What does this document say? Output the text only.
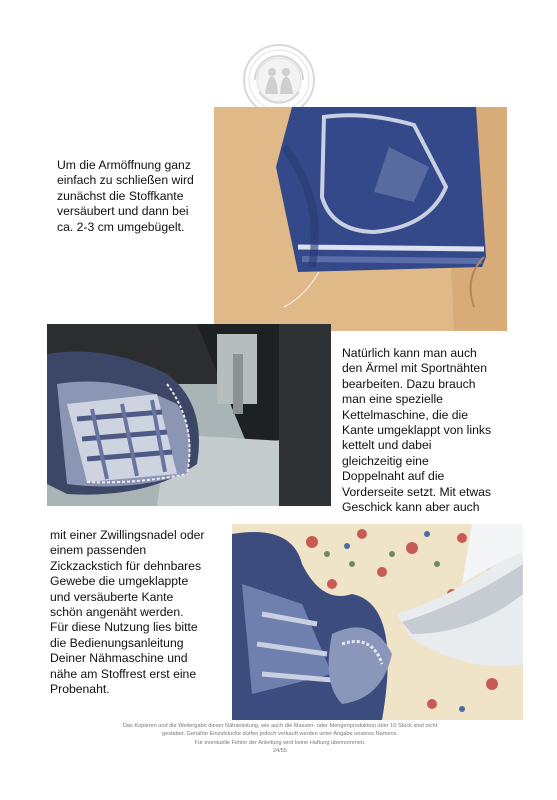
Um die Armöffnung ganz
einfach zu schließen wird
zunächst die Stoffkante
versäubert und dann bei
ca. 2-3 cm umgebügelt.
Natürlich kann man auch
den Ärmel mit Sportnähten
bearbeiten. Dazu brauch
man eine spezielle
Kettelmaschine, die die
Kante umgeklappt von links
kettelt und dabei
gleichzeitig eine
Doppelnaht auf die
Vorderseite setzt. Mit etwas
Geschick kann aber auch
mit einer Zwillingsnadel oder
einem passenden
Zickzackstich für dehnbares
Gewebe die umgeklappte
und versäuberte Kante
schön angenäht werden.
Für diese Nutzung lies bitte
die Bedienungsanleitung
Deiner Nähmaschine und
nähe am Stoffrest erst eine
Probenaht.
Das Kopieren und die Weitergabe dieser Nähanleitung, wie auch die Massen- oder Mengenproduktion über 10 Stück sind nicht
gestattet. Genähte Einzelstücke dürfen jedoch verkauft werden unter Angabe unseres Namens.
Für eventuelle Fehler der Anleitung wird keine Haftung übernommen.
24/55
